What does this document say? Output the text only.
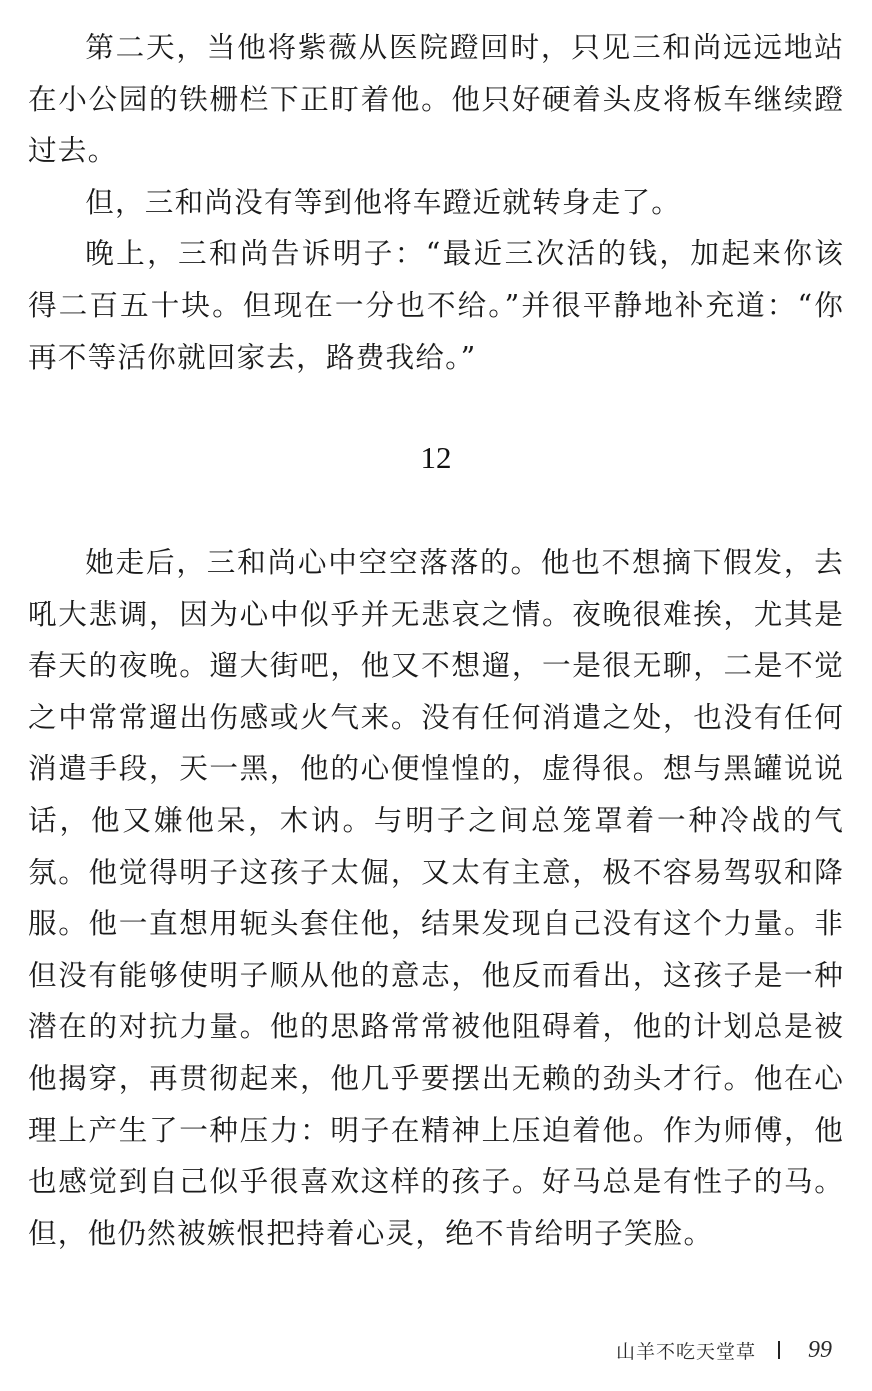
第二天，当他将紫薇从医院蹬回时，只见三和尚远远地站在小公园的铁栅栏下正盯着他。他只好硬着头皮将板车继续蹬过去。

但，三和尚没有等到他将车蹬近就转身走了。

晚上，三和尚告诉明子：“最近三次活的钱，加起来你该得二百五十块。但现在一分也不给。”并很平静地补充道：“你再不等活你就回家去，路费我给。”

12

她走后，三和尚心中空空落落的。他也不想摘下假发，去吼大悲调，因为心中似乎并无悲哀之情。夜晚很难挨，尤其是春天的夜晚。遛大街吧，他又不想遛，一是很无聊，二是不觉之中常常遛出伤感或火气来。没有任何消遣之处，也没有任何消遣手段，天一黑，他的心便惶惶的，虚得很。想与黑罐说说话，他又嫌他呆，木讷。与明子之间总笼罩着一种冷战的气氛。他觉得明子这孩子太倔，又太有主意，极不容易驾驭和降服。他一直想用轭头套住他，结果发现自己没有这个力量。非但没有能够使明子顺从他的意志，他反而看出，这孩子是一种潜在的对抗力量。他的思路常常被他阻碍着，他的计划总是被他揭穿，再贯彻起来，他几乎要摆出无赖的劲头才行。他在心理上产生了一种压力：明子在精神上压迫着他。作为师傅，他也感觉到自己似乎很喜欢这样的孩子。好马总是有性子的马。但，他仍然被嫉恨把持着心灵，绝不肯给明子笑脸。

山羊不吃天堂草 99
